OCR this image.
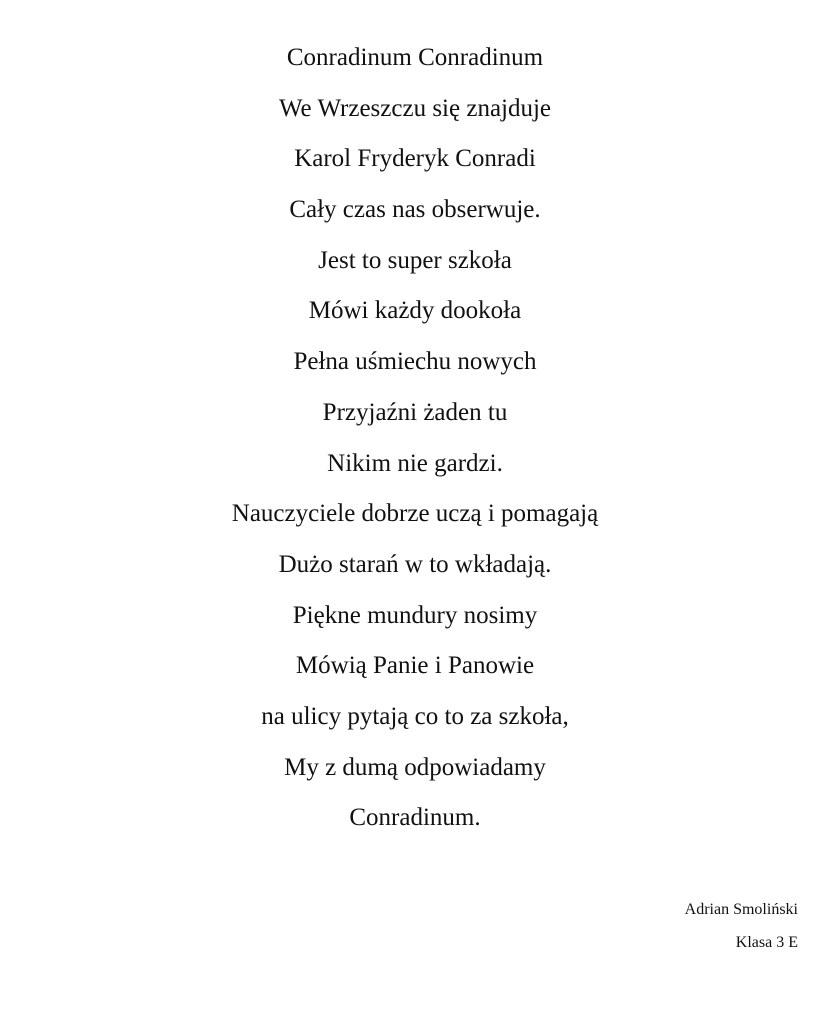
Conradinum Conradinum
We Wrzeszczu się znajduje
Karol Fryderyk Conradi
Cały czas nas obserwuje.
Jest to super szkoła
Mówi każdy dookoła
Pełna uśmiechu nowych
Przyjaźni żaden tu
Nikim nie gardzi.
Nauczyciele dobrze uczą i pomagają
Dużo starań w to wkładają.
Piękne mundury nosimy
Mówią Panie i Panowie
na ulicy pytają co to za szkoła,
My z dumą odpowiadamy
Conradinum.
Adrian Smoliński
Klasa 3 E
